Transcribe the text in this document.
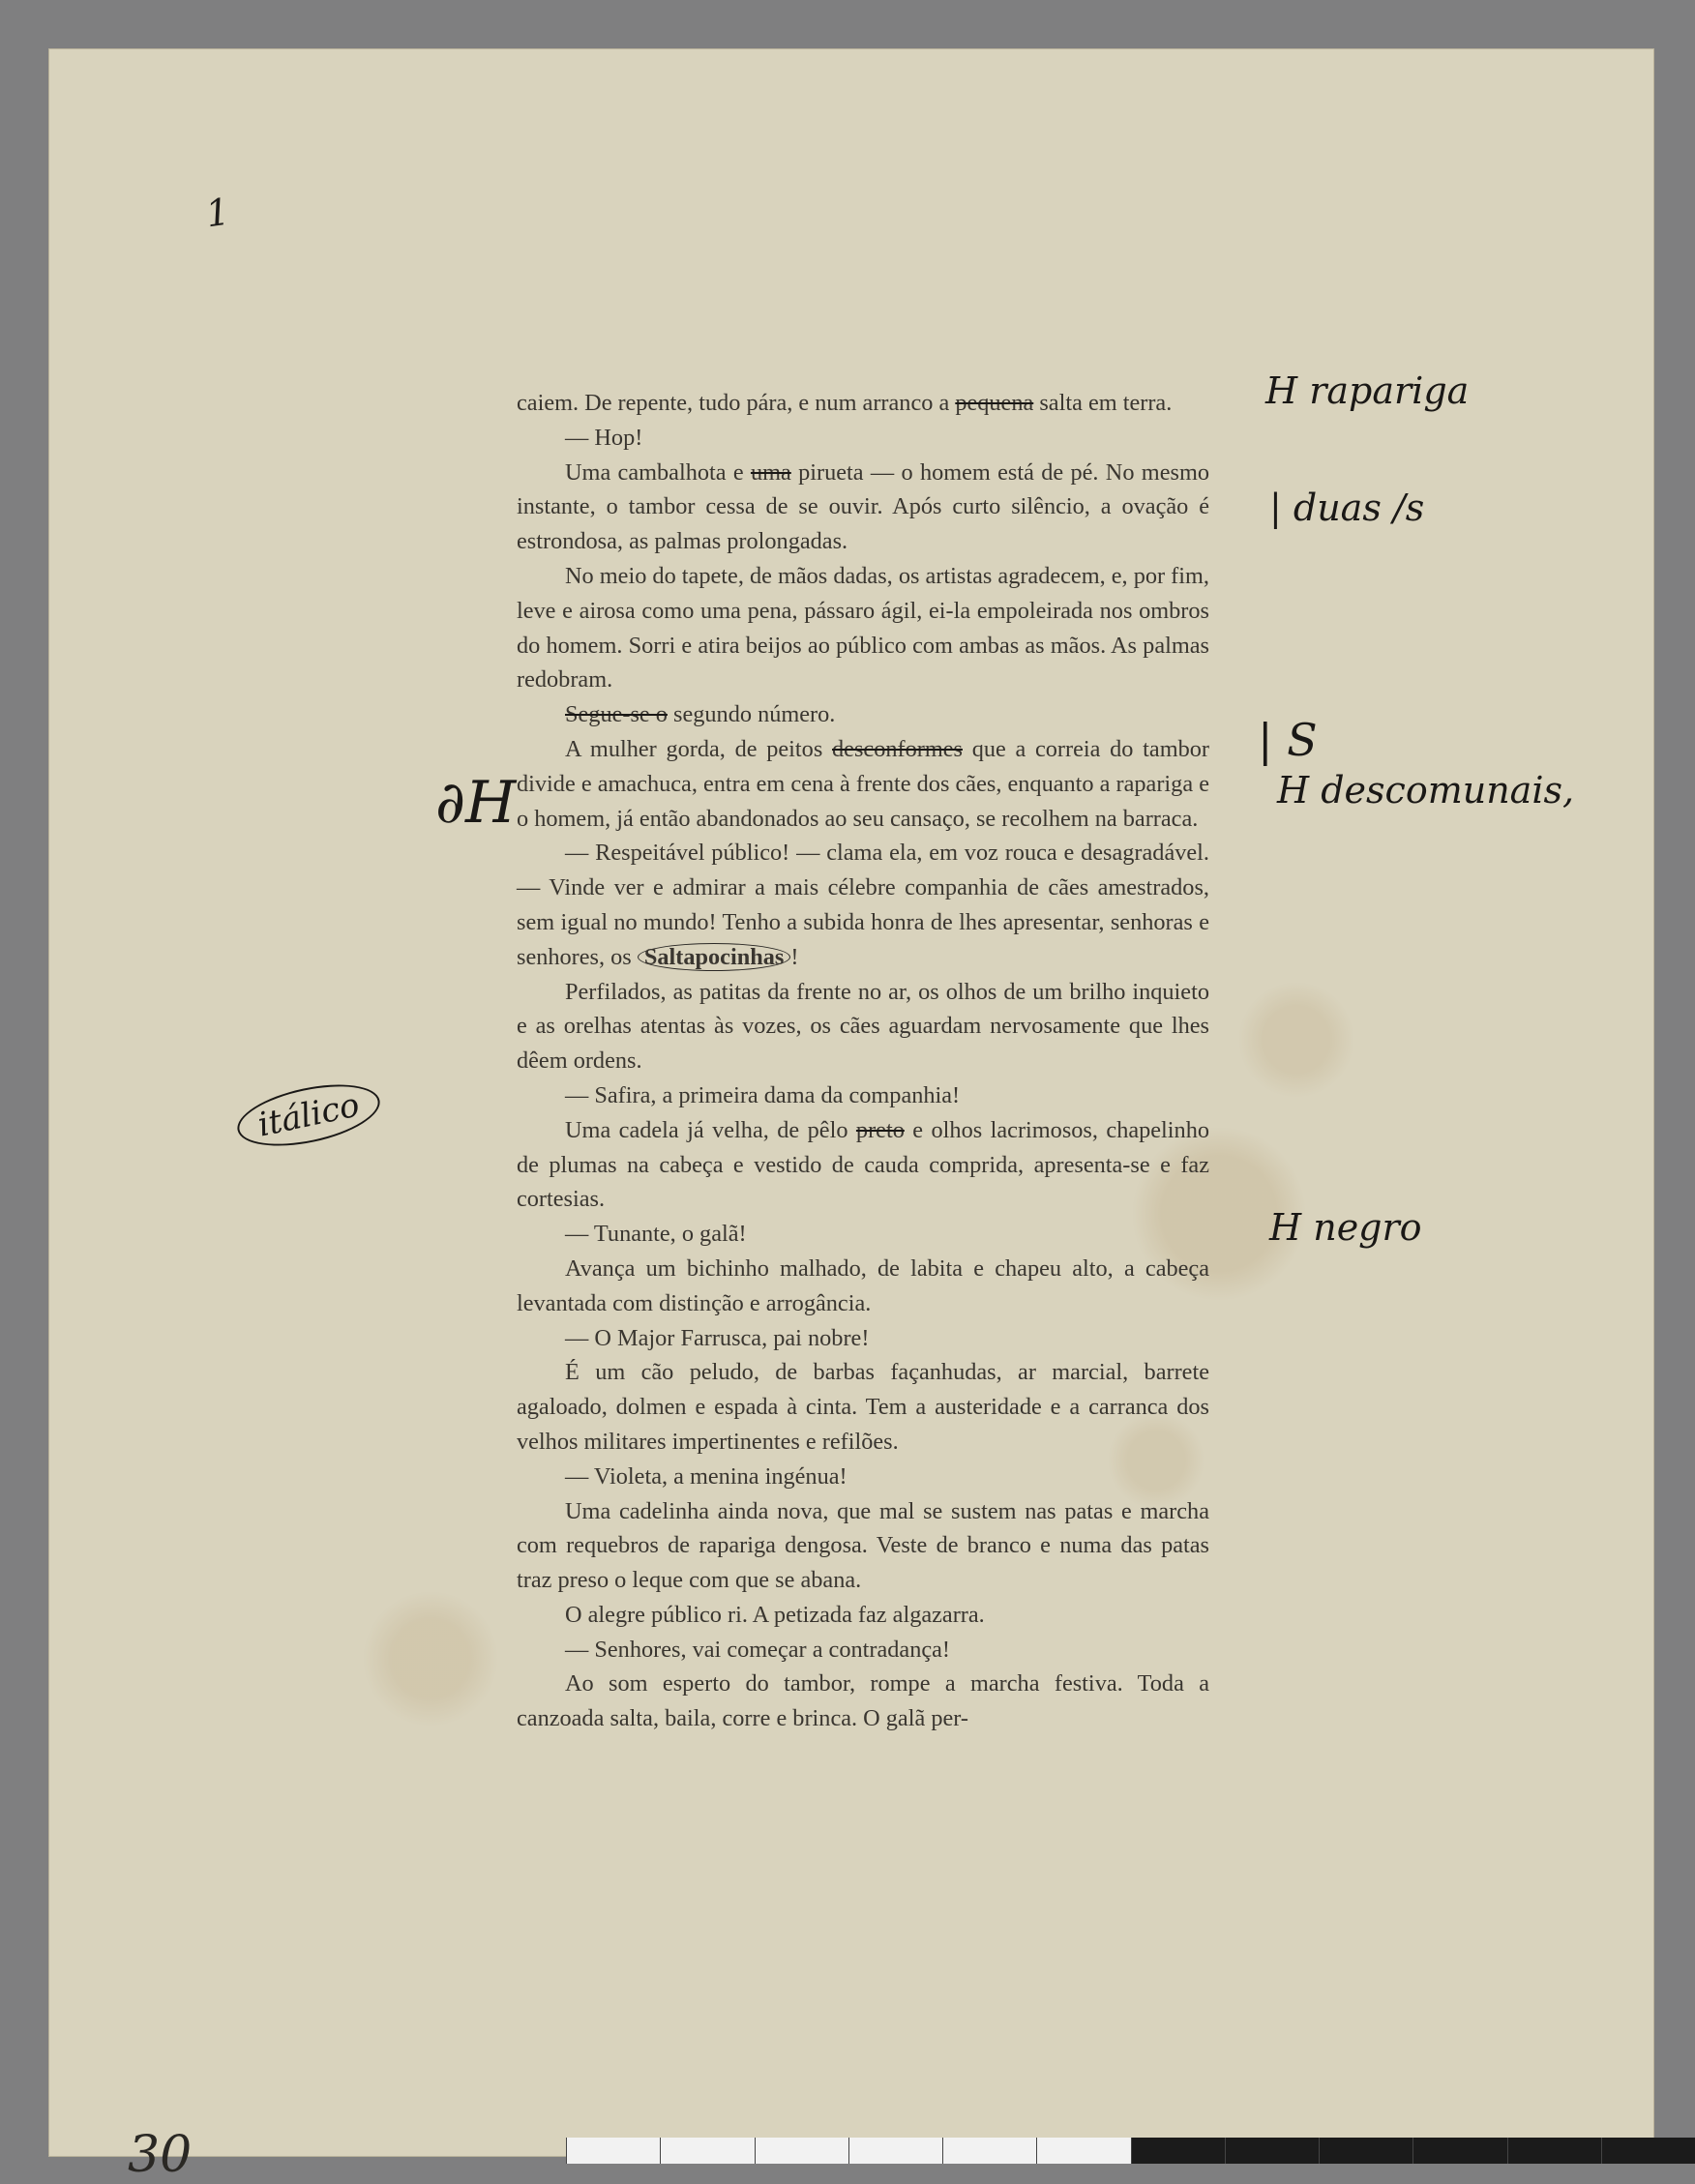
1
∂H
itálico
30

caiem. De repente, tudo pára, e num arranco a pequena salta em terra.

— Hop!

Uma cambalhota e uma pirueta — o homem está de pé. No mesmo instante, o tambor cessa de se ouvir. Após curto silêncio, a ovação é estrondosa, as palmas prolongadas.

No meio do tapete, de mãos dadas, os artistas agradecem, e, por fim, leve e airosa como uma pena, pássaro ágil, ei-la empoleirada nos ombros do homem. Sorri e atira beijos ao público com ambas as mãos. As palmas redobram.

Segue-se o segundo número.

A mulher gorda, de peitos desconformes que a correia do tambor divide e amachuca, entra em cena à frente dos cães, enquanto a rapariga e o homem, já então abandonados ao seu cansaço, se recolhem na barraca.

— Respeitável público! — clama ela, em voz rouca e desagradável. — Vinde ver e admirar a mais célebre companhia de cães amestrados, sem igual no mundo! Tenho a subida honra de lhes apresentar, senhoras e senhores, os Saltapocinhas !

Perfilados, as patitas da frente no ar, os olhos de um brilho inquieto e as orelhas atentas às vozes, os cães aguardam nervosamente que lhes dêem ordens.

— Safira, a primeira dama da companhia!

Uma cadela já velha, de pêlo preto e olhos lacrimosos, chapelinho de plumas na cabeça e vestido de cauda comprida, apresenta-se e faz cortesias.

— Tunante, o galã!

Avança um bichinho malhado, de labita e chapeu alto, a cabeça levantada com distinção e arrogância.

— O Major Farrusca, pai nobre!

É um cão peludo, de barbas façanhudas, ar marcial, barrete agaloado, dolmen e espada à cinta. Tem a austeridade e a carranca dos velhos militares impertinentes e refilões.

— Violeta, a menina ingénua!

Uma cadelinha ainda nova, que mal se sustem nas patas e marcha com requebros de rapariga dengosa. Veste de branco e numa das patas traz preso o leque com que se abana.

O alegre público ri. A petizada faz algazarra.

— Senhores, vai começar a contradança!

Ao som esperto do tambor, rompe a marcha festiva. Toda a canzoada salta, baila, corre e brinca. O galã per-

H raparigа
| duas /s
| S
H descomunais,
H negro
